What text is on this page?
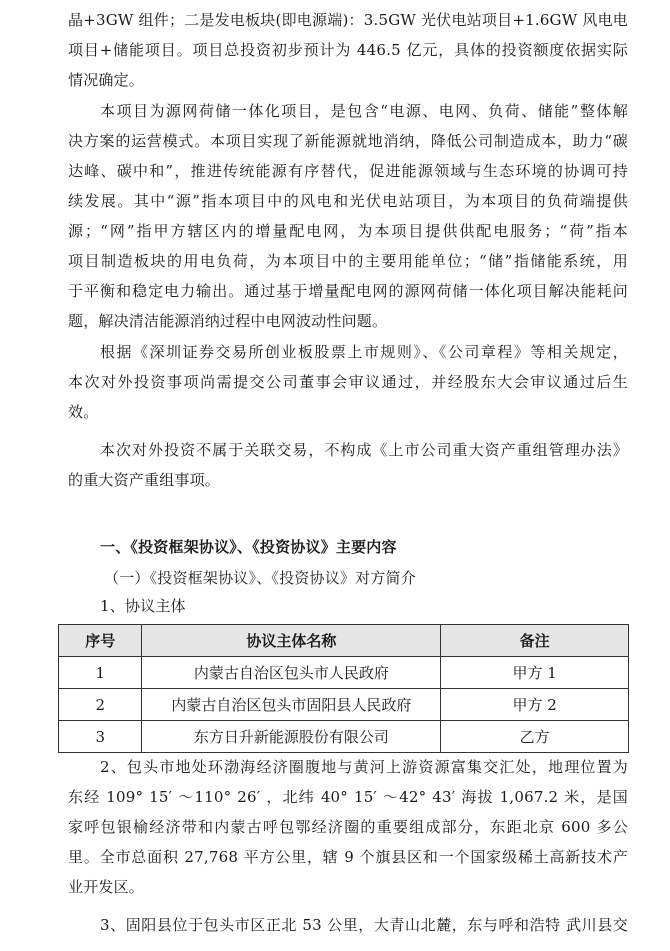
晶+3GW 组件；二是发电板块(即电源端)：3.5GW 光伏电站项目+1.6GW 风电电
项目+储能项目。项目总投资初步预计为 446.5 亿元，具体的投资额度依据实际
情况确定。
本项目为源网荷储一体化项目，是包含“电源、电网、负荷、储能”整体解
决方案的运营模式。本项目实现了新能源就地消纳，降低公司制造成本，助力“碳
达峰、碳中和”，推进传统能源有序替代，促进能源领域与生态环境的协调可持
续发展。其中“源”指本项目中的风电和光伏电站项目，为本项目的负荷端提供
源；“网”指甲方辖区内的增量配电网，为本项目提供供配电服务；“荷”指本
项目制造板块的用电负荷，为本项目中的主要用能单位；“储”指储能系统，用
于平衡和稳定电力输出。通过基于增量配电网的源网荷储一体化项目解决能耗问
题，解决清洁能源消纳过程中电网波动性问题。
根据《深圳证券交易所创业板股票上市规则》、《公司章程》等相关规定，
本次对外投资事项尚需提交公司董事会审议通过，并经股东大会审议通过后生
效。
本次对外投资不属于关联交易，不构成《上市公司重大资产重组管理办法》
的重大资产重组事项。
一、《投资框架协议》、《投资协议》主要内容
（一）《投资框架协议》、《投资协议》对方简介
1、协议主体
序号	协议主体名称	备注
1	内蒙古自治区包头市人民政府	甲方 1
2	内蒙古自治区包头市固阳县人民政府	甲方 2
3	东方日升新能源股份有限公司	乙方
2、包头市地处环渤海经济圈腹地与黄河上游资源富集交汇处，地理位置为
东经 109° 15′ ～110° 26′ ，北纬 40° 15′ ～42° 43′ 海拔 1,067.2 米，是国
家呼包银榆经济带和内蒙古呼包鄂经济圈的重要组成部分，东距北京 600 多公
里。全市总面积 27,768 平方公里，辖 9 个旗县区和一个国家级稀土高新技术产
业开发区。
3、固阳县位于包头市区正北 53 公里，大青山北麓，东与呼和浩特 武川县交
